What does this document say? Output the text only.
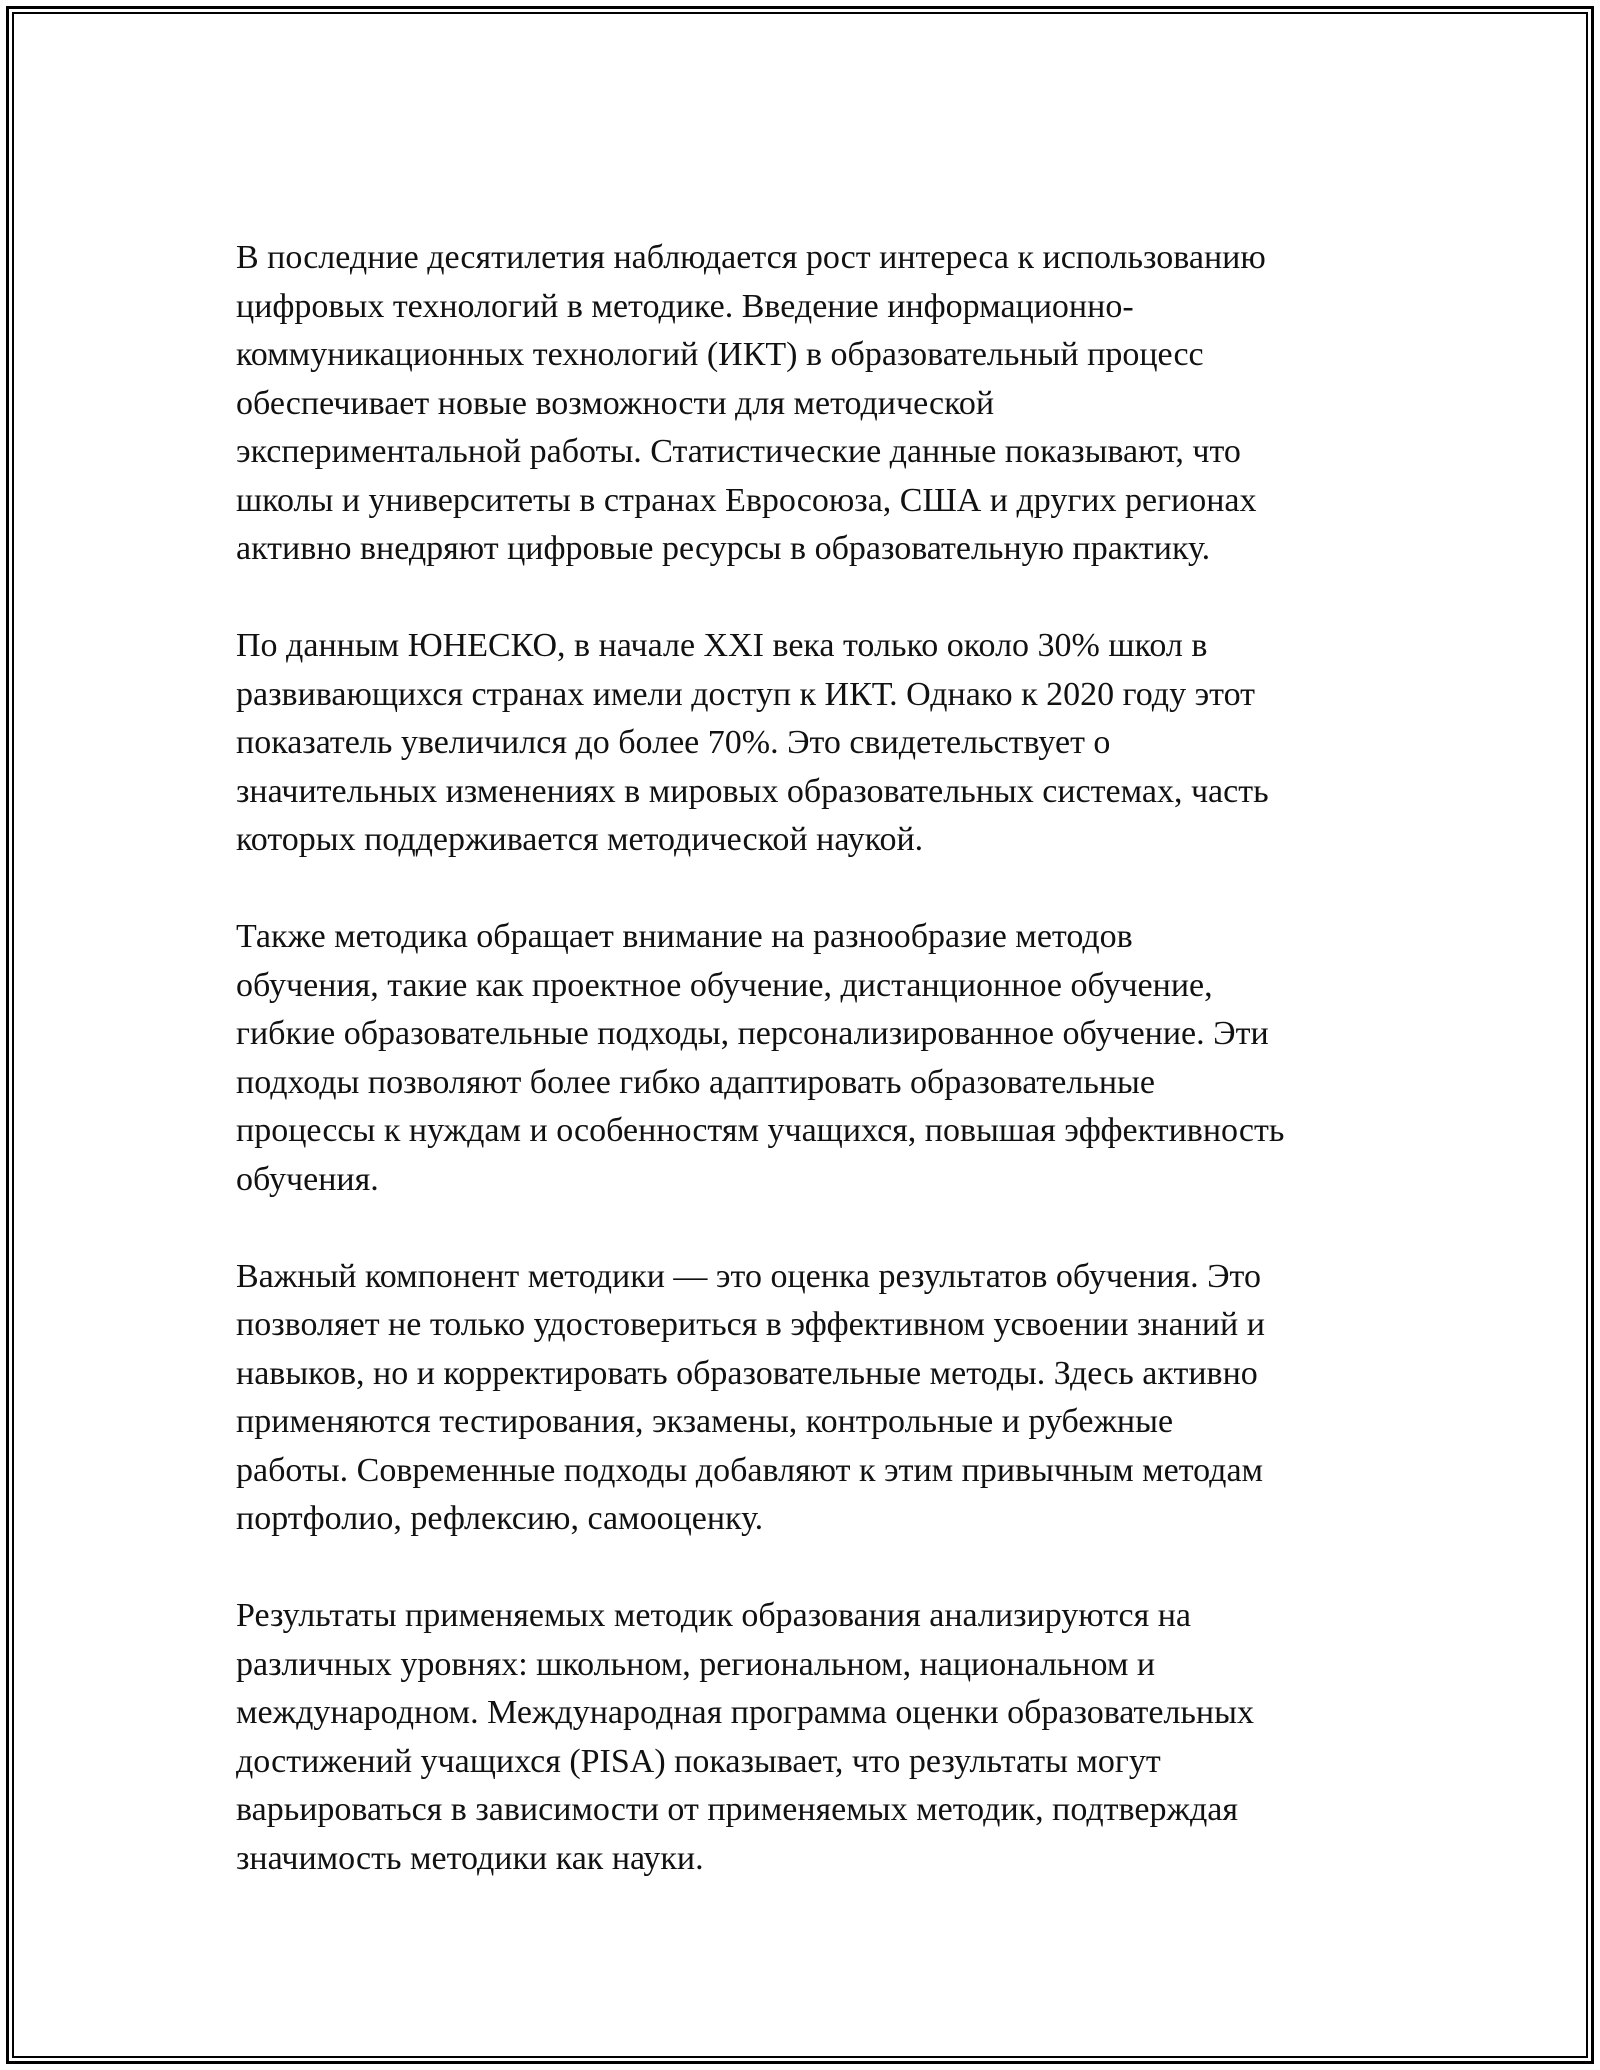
В последние десятилетия наблюдается рост интереса к использованию
цифровых технологий в методике. Введение информационно-
коммуникационных технологий (ИКТ) в образовательный процесс
обеспечивает новые возможности для методической
экспериментальной работы. Статистические данные показывают, что
школы и университеты в странах Евросоюза, США и других регионах
активно внедряют цифровые ресурсы в образовательную практику.

По данным ЮНЕСКО, в начале XXI века только около 30% школ в
развивающихся странах имели доступ к ИКТ. Однако к 2020 году этот
показатель увеличился до более 70%. Это свидетельствует о
значительных изменениях в мировых образовательных системах, часть
которых поддерживается методической наукой.

Также методика обращает внимание на разнообразие методов
обучения, такие как проектное обучение, дистанционное обучение,
гибкие образовательные подходы, персонализированное обучение. Эти
подходы позволяют более гибко адаптировать образовательные
процессы к нуждам и особенностям учащихся, повышая эффективность
обучения.

Важный компонент методики — это оценка результатов обучения. Это
позволяет не только удостовериться в эффективном усвоении знаний и
навыков, но и корректировать образовательные методы. Здесь активно
применяются тестирования, экзамены, контрольные и рубежные
работы. Современные подходы добавляют к этим привычным методам
портфолио, рефлексию, самооценку.

Результаты применяемых методик образования анализируются на
различных уровнях: школьном, региональном, национальном и
международном. Международная программа оценки образовательных
достижений учащихся (PISA) показывает, что результаты могут
варьироваться в зависимости от применяемых методик, подтверждая
значимость методики как науки.
